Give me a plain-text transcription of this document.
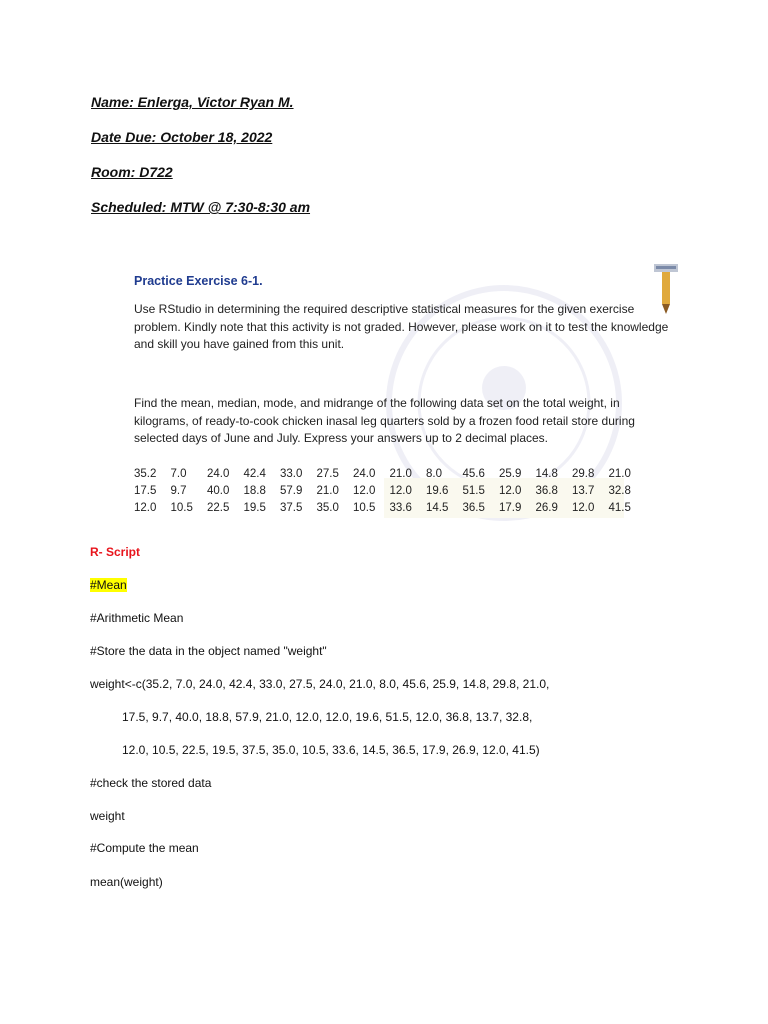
Name: Enlerga, Victor Ryan M.
Date Due: October 18, 2022
Room: D722
Scheduled: MTW @ 7:30-8:30 am
Practice Exercise 6-1.
Use RStudio in determining the required descriptive statistical measures for the given exercise problem. Kindly note that this activity is not graded. However, please work on it to test the knowledge and skill you have gained from this unit.
Find the mean, median, mode, and midrange of the following data set on the total weight, in kilograms, of ready-to-cook chicken inasal leg quarters sold by a frozen food retail store during selected days of June and July. Express your answers up to 2 decimal places.
35.2	7.0	24.0	42.4	33.0	27.5	24.0	21.0	8.0	45.6	25.9	14.8	29.8	21.0
17.5	9.7	40.0	18.8	57.9	21.0	12.0	12.0	19.6	51.5	12.0	36.8	13.7	32.8
12.0	10.5	22.5	19.5	37.5	35.0	10.5	33.6	14.5	36.5	17.9	26.9	12.0	41.5
R- Script
#Mean
#Arithmetic Mean
#Store the data in the object named "weight"
weight<-c(35.2, 7.0, 24.0, 42.4, 33.0, 27.5, 24.0, 21.0, 8.0, 45.6, 25.9, 14.8, 29.8, 21.0,
17.5, 9.7, 40.0, 18.8, 57.9, 21.0, 12.0, 12.0, 19.6, 51.5, 12.0, 36.8, 13.7, 32.8,
12.0, 10.5, 22.5, 19.5, 37.5, 35.0, 10.5, 33.6, 14.5, 36.5, 17.9, 26.9, 12.0, 41.5)
#check the stored data
weight
#Compute the mean
mean(weight)
